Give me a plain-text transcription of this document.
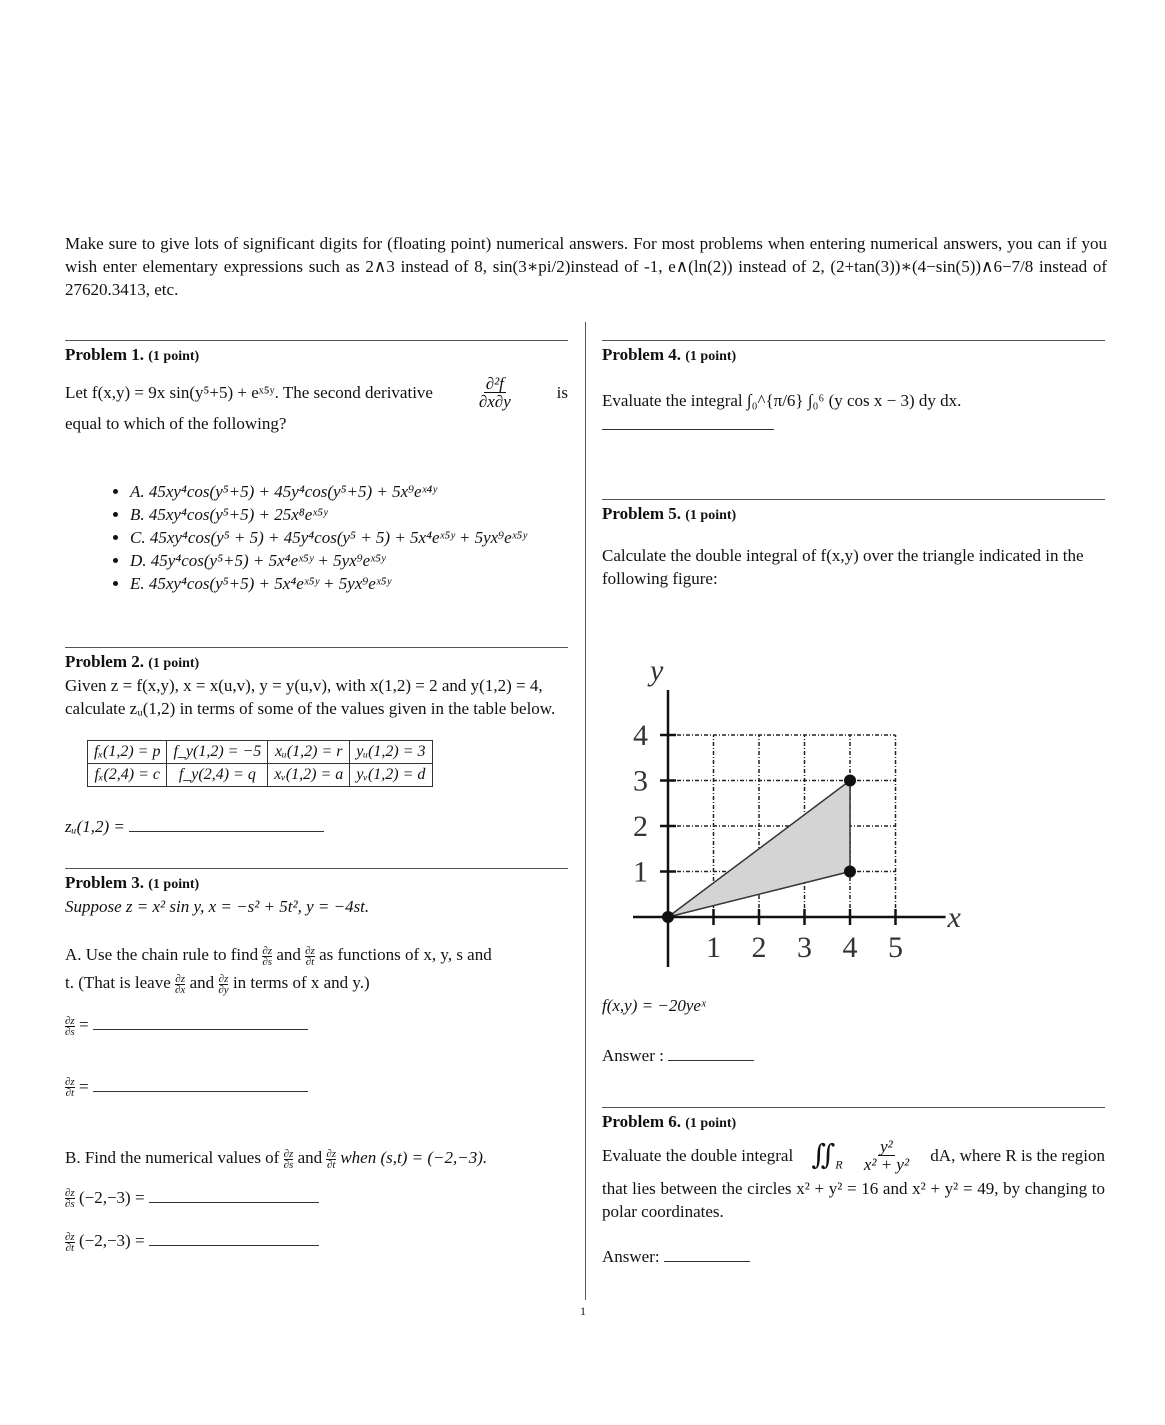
Make sure to give lots of significant digits for (floating point) numerical answers. For most problems when entering numerical answers, you can if you wish enter elementary expressions such as 2∧3 instead of 8, sin(3∗pi/2)instead of -1, e∧(ln(2)) instead of 2, (2+tan(3))∗(4−sin(5))∧6−7/8 instead of 27620.3413, etc.
1
Problem 1. (1 point)
Let f(x,y) = 9x sin(y⁵+5) + eˣ⁵ʸ. The second derivative	$\frac{\text{∂²f}}{\partial x\partial y}$	is
equal to which of the following?
• A. 45xy⁴cos(y⁵+5) + 45y⁴cos(y⁵+5) + 5x⁹eˣ⁴ʸ
• B. 45xy⁴cos(y⁵+5) + 25x⁸eˣ⁵ʸ
• C. 45xy⁴cos(y⁵ + 5) + 45y⁴cos(y⁵ + 5) + 5x⁴eˣ⁵ʸ + 5yx⁹eˣ⁵ʸ
• D. 45y⁴cos(y⁵+5) + 5x⁴eˣ⁵ʸ + 5yx⁹eˣ⁵ʸ
• E. 45xy⁴cos(y⁵+5) + 5x⁴eˣ⁵ʸ + 5yx⁹eˣ⁵ʸ
Problem 2. (1 point)
Given z = f(x,y), x = x(u,v), y = y(u,v), with x(1,2) = 2 and y(1,2) = 4, calculate zᵤ(1,2) in terms of some of the values given in the table below.
fₓ(1,2) = p	f_y(1,2) = −5	xᵤ(1,2) = r	yᵤ(1,2) = 3
fₓ(2,4) = c	f_y(2,4) = q	xᵥ(1,2) = a	yᵥ(1,2) = d
zᵤ(1,2) =
Problem 3. (1 point)
Suppose z = x² sin y, x = −s² + 5t², y = −4st.
A. Use the chain rule to find $\frac{\partial z}{\partial s}$ and $\frac{\partial z}{\partial t}$ as functions of x, y, s and
t. (That is leave $\frac{\partial z}{\partial x}$ and $\frac{\partial z}{\partial y}$ in terms of x and y.)
$\frac{\partial z}{\partial s}$ =
$\frac{\partial z}{\partial t}$ =
B. Find the numerical values of $\frac{\partial z}{\partial s}$ and $\frac{\partial z}{\partial t}$ when (s,t) = (−2,−3).
$\frac{\partial z}{\partial s} (-2,-3)$ =
$\frac{\partial z}{\partial t} (-2,-3)$ =
Problem 4. (1 point)
Evaluate the integral ∫₀^{π/6} ∫₀⁶ (y cos x − 3) dy dx.
Problem 5. (1 point)
Calculate the double integral of f(x,y) over the triangle indicated in the following figure:
1 2 3 4 5
1
2
3
4
x
y
f(x,y) = −20yeˣ
Answer :
Problem 6. (1 point)
Evaluate the double integral $∬_R \frac{\text{y²}}{\text{x² + y²}}$ dA, where R is the region
that lies between the circles x² + y² = 16 and x² + y² = 49, by changing to polar coordinates.
Answer:
